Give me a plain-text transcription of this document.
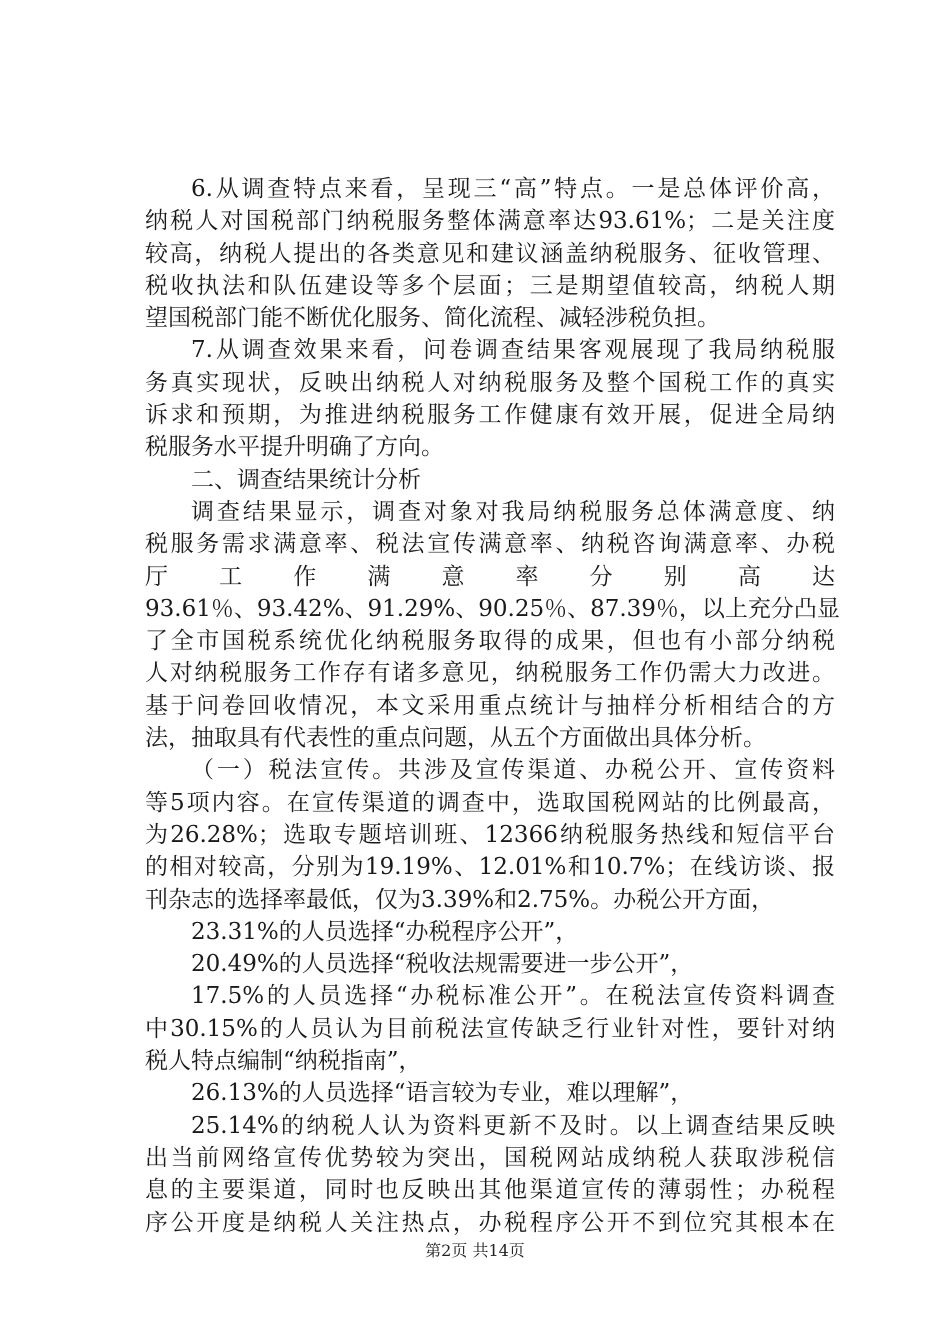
6.从调查特点来看，呈现三“高”特点。一是总体评价高，
纳税人对国税部门纳税服务整体满意率达93.61%；二是关注度
较高，纳税人提出的各类意见和建议涵盖纳税服务、征收管理、
税收执法和队伍建设等多个层面；三是期望值较高，纳税人期
望国税部门能不断优化服务、简化流程、减轻涉税负担。
7.从调查效果来看，问卷调查结果客观展现了我局纳税服
务真实现状，反映出纳税人对纳税服务及整个国税工作的真实
诉求和预期，为推进纳税服务工作健康有效开展，促进全局纳
税服务水平提升明确了方向。
二、调查结果统计分析
调查结果显示，调查对象对我局纳税服务总体满意度、纳
税服务需求满意率、税法宣传满意率、纳税咨询满意率、办税
厅 工 作 满 意 率 分 别 高 达
93.61％、93.42%、91.29%、90.25％、87.39％，以上充分凸显
了全市国税系统优化纳税服务取得的成果，但也有小部分纳税
人对纳税服务工作存有诸多意见，纳税服务工作仍需大力改进。
基于问卷回收情况，本文采用重点统计与抽样分析相结合的方
法，抽取具有代表性的重点问题，从五个方面做出具体分析。
（一）税法宣传。共涉及宣传渠道、办税公开、宣传资料
等5项内容。在宣传渠道的调查中，选取国税网站的比例最高，
为26.28%；选取专题培训班、12366纳税服务热线和短信平台
的相对较高，分别为19.19%、12.01%和10.7%；在线访谈、报
刊杂志的选择率最低，仅为3.39%和2.75%。办税公开方面，
23.31%的人员选择“办税程序公开”，
20.49%的人员选择“税收法规需要进一步公开”，
17.5%的人员选择“办税标准公开”。在税法宣传资料调查
中30.15%的人员认为目前税法宣传缺乏行业针对性，要针对纳
税人特点编制“纳税指南”，
26.13%的人员选择“语言较为专业，难以理解”，
25.14%的纳税人认为资料更新不及时。以上调查结果反映
出当前网络宣传优势较为突出，国税网站成纳税人获取涉税信
息的主要渠道，同时也反映出其他渠道宣传的薄弱性；办税程
序公开度是纳税人关注热点，办税程序公开不到位究其根本在
第2页 共14页
